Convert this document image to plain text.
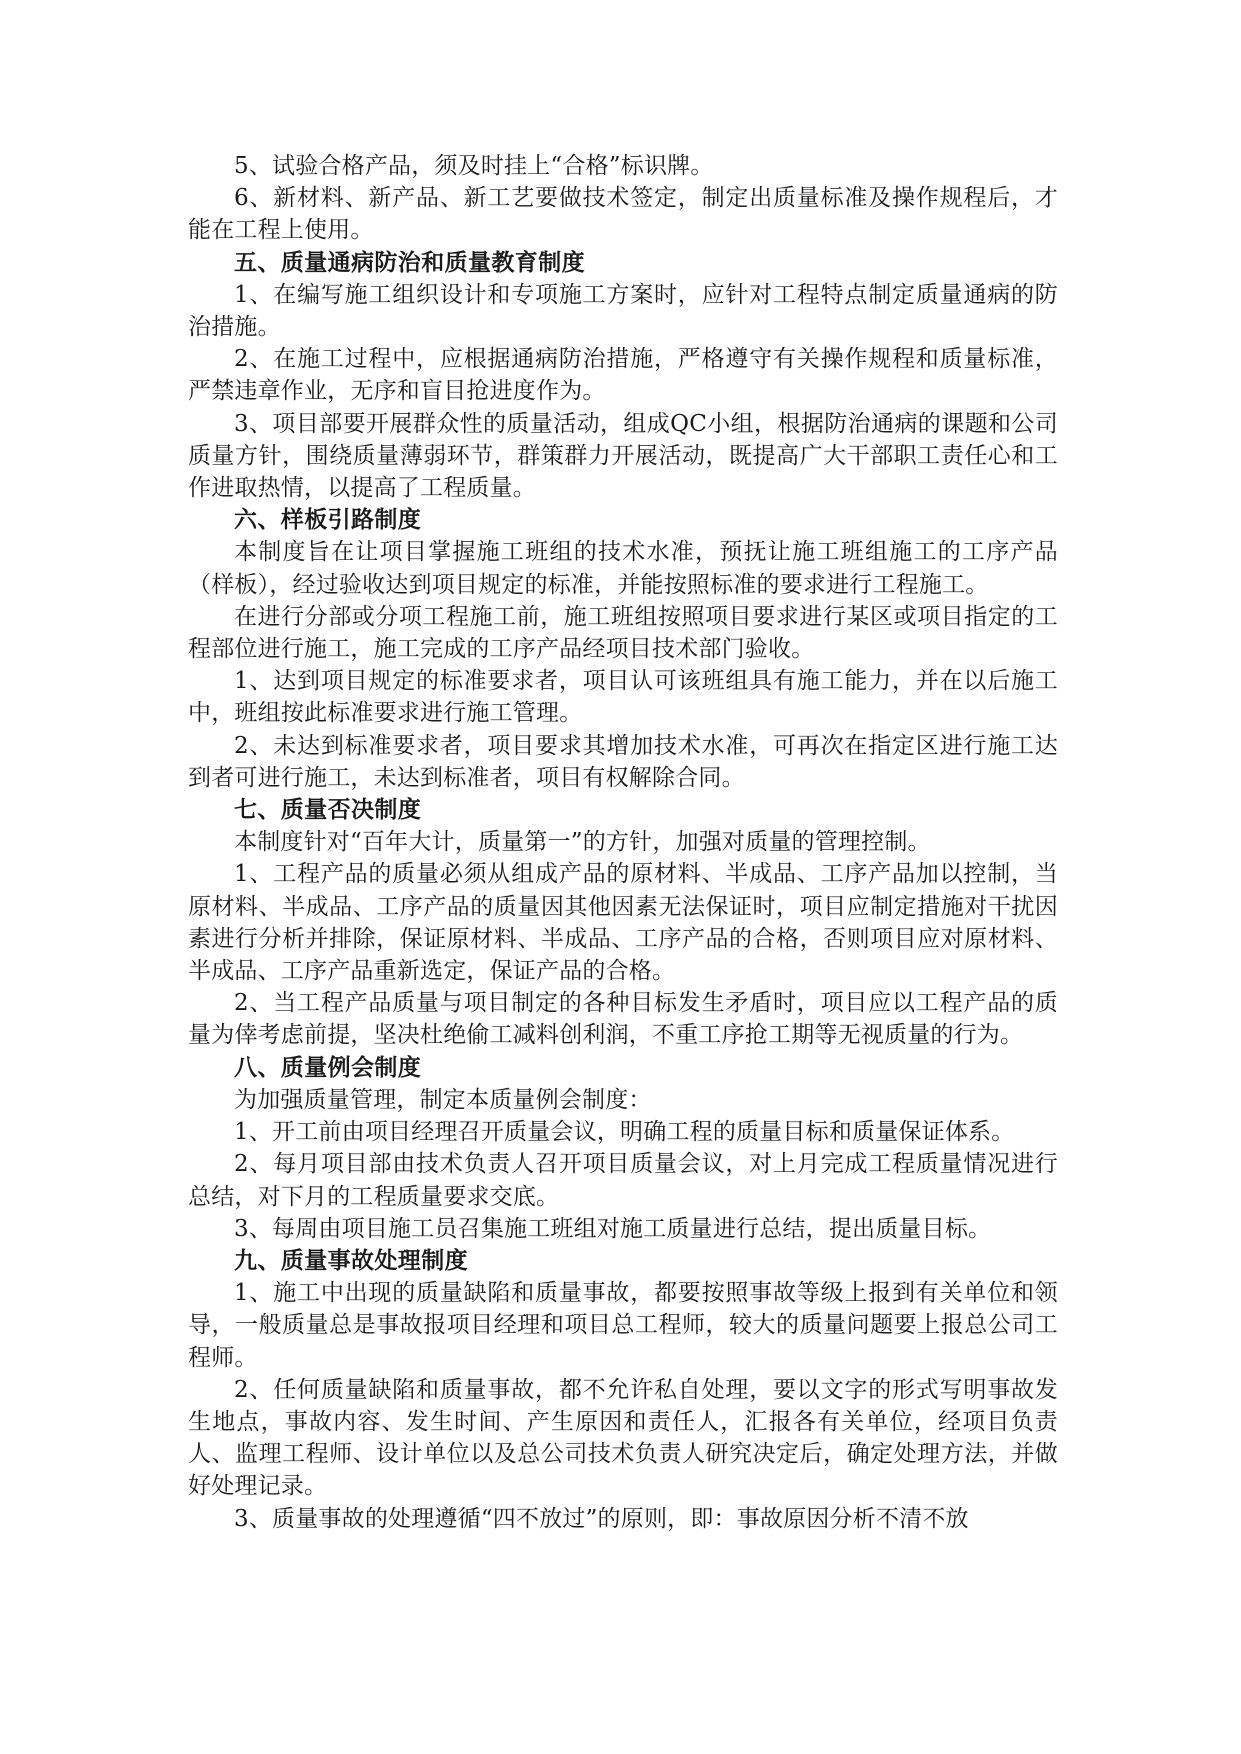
5、试验合格产品，须及时挂上“合格”标识牌。

6、新材料、新产品、新工艺要做技术签定，制定出质量标准及操作规程后，才能在工程上使用。

五、质量通病防治和质量教育制度

1、在编写施工组织设计和专项施工方案时，应针对工程特点制定质量通病的防治措施。

2、在施工过程中，应根据通病防治措施，严格遵守有关操作规程和质量标准，严禁违章作业，无序和盲目抢进度作为。

3、项目部要开展群众性的质量活动，组成QC小组，根据防治通病的课题和公司质量方针，围绕质量薄弱环节，群策群力开展活动，既提高广大干部职工责任心和工作进取热情，以提高了工程质量。

六、样板引路制度

本制度旨在让项目掌握施工班组的技术水准，预抚让施工班组施工的工序产品（样板），经过验收达到项目规定的标准，并能按照标准的要求进行工程施工。

在进行分部或分项工程施工前，施工班组按照项目要求进行某区或项目指定的工程部位进行施工，施工完成的工序产品经项目技术部门验收。

1、达到项目规定的标准要求者，项目认可该班组具有施工能力，并在以后施工中，班组按此标准要求进行施工管理。

2、未达到标准要求者，项目要求其增加技术水准，可再次在指定区进行施工达到者可进行施工，未达到标准者，项目有权解除合同。

七、质量否决制度

本制度针对“百年大计，质量第一”的方针，加强对质量的管理控制。

1、工程产品的质量必须从组成产品的原材料、半成品、工序产品加以控制，当原材料、半成品、工序产品的质量因其他因素无法保证时，项目应制定措施对干扰因素进行分析并排除，保证原材料、半成品、工序产品的合格，否则项目应对原材料、半成品、工序产品重新选定，保证产品的合格。

2、当工程产品质量与项目制定的各种目标发生矛盾时，项目应以工程产品的质量为倖考虑前提，坚决杜绝偷工减料创利润，不重工序抢工期等无视质量的行为。

八、质量例会制度

为加强质量管理，制定本质量例会制度：

1、开工前由项目经理召开质量会议，明确工程的质量目标和质量保证体系。

2、每月项目部由技术负责人召开项目质量会议，对上月完成工程质量情况进行总结，对下月的工程质量要求交底。

3、每周由项目施工员召集施工班组对施工质量进行总结，提出质量目标。

九、质量事故处理制度

1、施工中出现的质量缺陷和质量事故，都要按照事故等级上报到有关单位和领导，一般质量总是事故报项目经理和项目总工程师，较大的质量问题要上报总公司工程师。

2、任何质量缺陷和质量事故，都不允许私自处理，要以文字的形式写明事故发生地点，事故内容、发生时间、产生原因和责任人，汇报各有关单位，经项目负责人、监理工程师、设计单位以及总公司技术负责人研究决定后，确定处理方法，并做好处理记录。

3、质量事故的处理遵循“四不放过”的原则，即：事故原因分析不清不放
